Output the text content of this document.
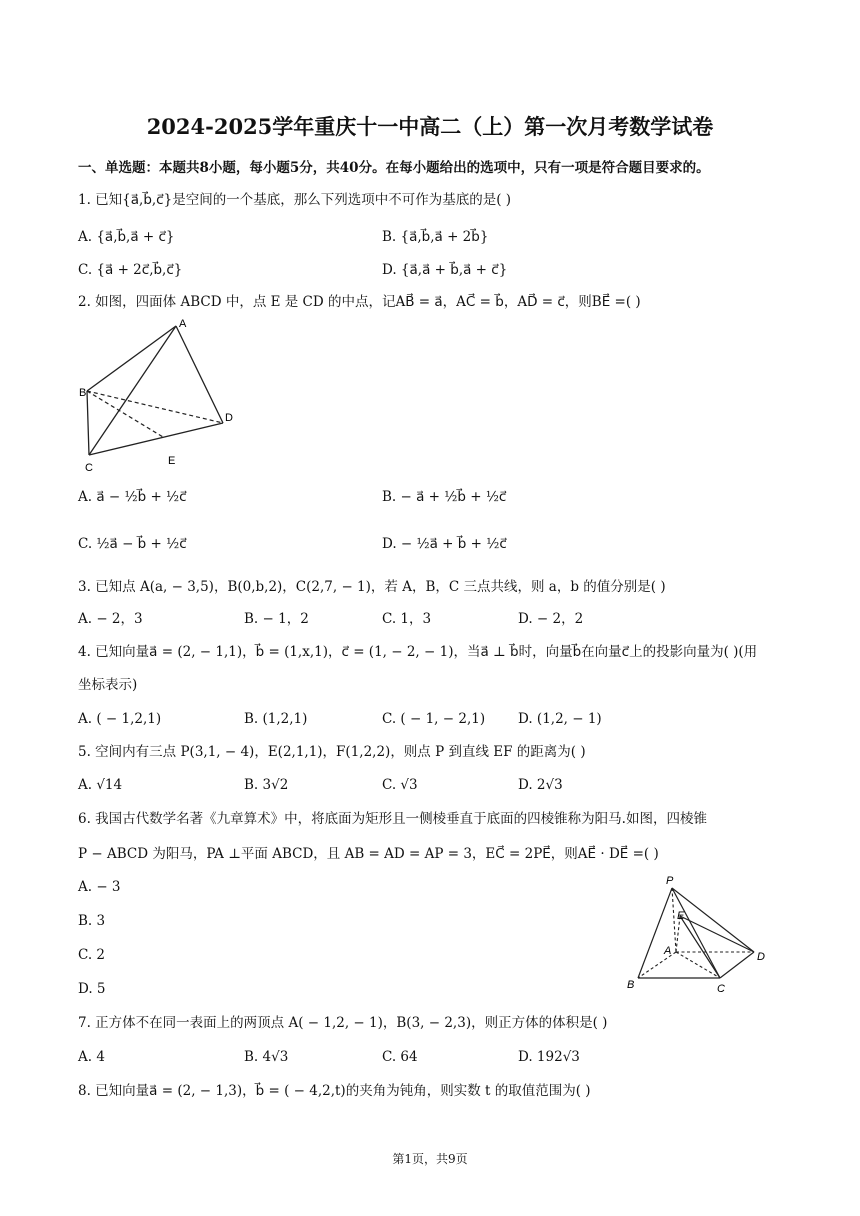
2024-2025学年重庆十一中高二（上）第一次月考数学试卷
一、单选题：本题共8小题，每小题5分，共40分。在每小题给出的选项中，只有一项是符合题目要求的。
1. 已知{a⃗,b⃗,c⃗}是空间的一个基底，那么下列选项中不可作为基底的是( )
A. {a⃗,b⃗,a⃗ + c⃗}	B. {a⃗,b⃗,a⃗ + 2b⃗}
C. {a⃗ + 2c⃗,b⃗,c⃗}	D. {a⃗,a⃗ + b⃗,a⃗ + c⃗}
2. 如图，四面体 ABCD 中，点 E 是 CD 的中点，记AB⃗ = a⃗，AC⃗ = b⃗，AD⃗ = c⃗，则BE⃗ =( )
A
B
C
D
E
A. a⃗ − ½b⃗ + ½c⃗	B. − a⃗ + ½b⃗ + ½c⃗
C. ½a⃗ − b⃗ + ½c⃗	D. − ½a⃗ + b⃗ + ½c⃗
3. 已知点 A(a, − 3,5)，B(0,b,2)，C(2,7, − 1)，若 A，B，C 三点共线，则 a，b 的值分别是( )
A. − 2，3	B. − 1，2	C. 1，3	D. − 2，2
4. 已知向量a⃗ = (2, − 1,1)，b⃗ = (1,x,1)，c⃗ = (1, − 2, − 1)，当a⃗ ⊥ b⃗时，向量b⃗在向量c⃗上的投影向量为( )(用
坐标表示)
A. ( − 1,2,1)	B. (1,2,1)	C. ( − 1, − 2,1) D. (1,2, − 1)
5. 空间内有三点 P(3,1, − 4)，E(2,1,1)，F(1,2,2)，则点 P 到直线 EF 的距离为( )
A. √14	B. 3√2	C. √3	D. 2√3
6. 我国古代数学名著《九章算术》中，将底面为矩形且一侧棱垂直于底面的四棱锥称为阳马.如图，四棱锥
P − ABCD 为阳马，PA ⊥平面 ABCD，且 AB = AD = AP = 3，EC⃗ = 2PE⃗，则AE⃗ · DE⃗ =( )
A. − 3
B. 3
C. 2
D. 5
P
E
A
B	C
D
7. 正方体不在同一表面上的两顶点 A( − 1,2, − 1)，B(3, − 2,3)，则正方体的体积是( )
A. 4	B. 4√3	C. 64	D. 192√3
8. 已知向量a⃗ = (2, − 1,3)，b⃗ = ( − 4,2,t)的夹角为钝角，则实数 t 的取值范围为( )
第1页，共9页
